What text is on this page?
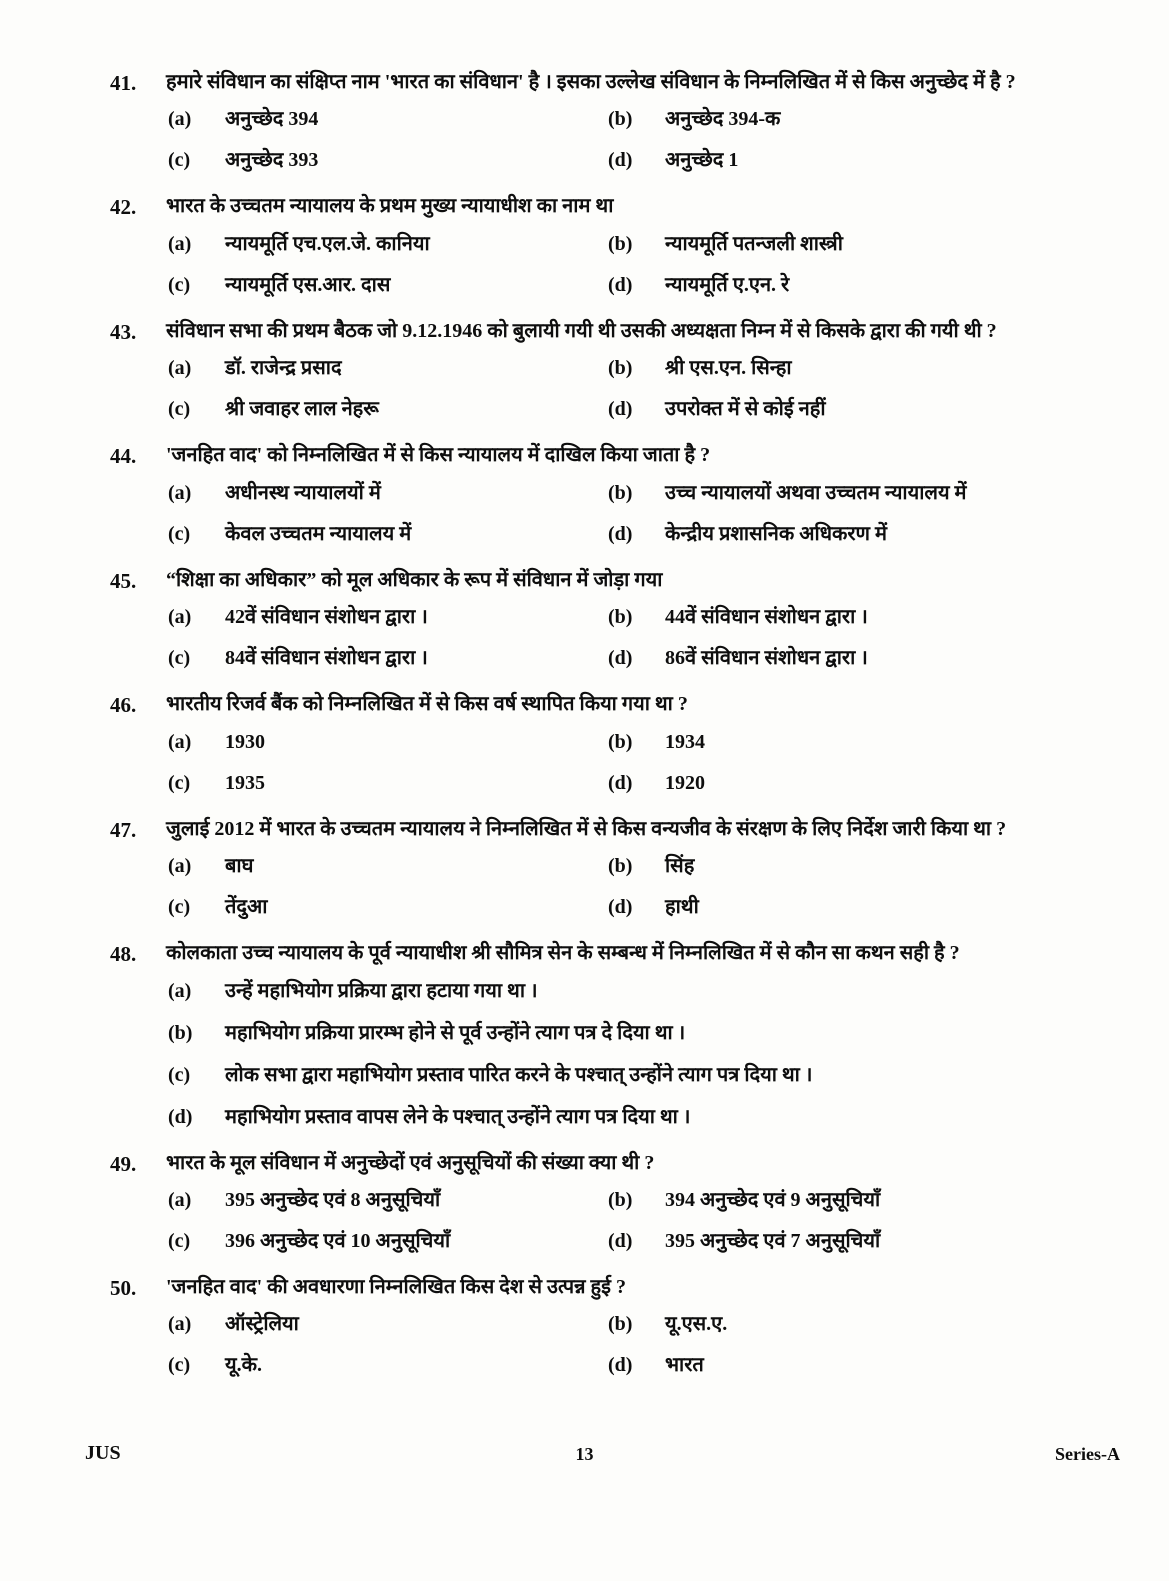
41.	हमारे संविधान का संक्षिप्त नाम 'भारत का संविधान' है । इसका उल्लेख संविधान के निम्नलिखित में से किस अनुच्छेद में है ?
(a)	अनुच्छेद 394	(b)	अनुच्छेद 394-क
(c)	अनुच्छेद 393	(d)	अनुच्छेद 1
42.	भारत के उच्चतम न्यायालय के प्रथम मुख्य न्यायाधीश का नाम था
(a)	न्यायमूर्ति एच.एल.जे. कानिया	(b)	न्यायमूर्ति पतन्जली शास्त्री
(c)	न्यायमूर्ति एस.आर. दास	(d)	न्यायमूर्ति ए.एन. रे
43.	संविधान सभा की प्रथम बैठक जो 9.12.1946 को बुलायी गयी थी उसकी अध्यक्षता निम्न में से किसके द्वारा की गयी थी ?
(a)	डॉ. राजेन्द्र प्रसाद	(b)	श्री एस.एन. सिन्हा
(c)	श्री जवाहर लाल नेहरू	(d)	उपरोक्त में से कोई नहीं
44.	'जनहित वाद' को निम्नलिखित में से किस न्यायालय में दाखिल किया जाता है ?
(a)	अधीनस्थ न्यायालयों में	(b)	उच्च न्यायालयों अथवा उच्चतम न्यायालय में
(c)	केवल उच्चतम न्यायालय में	(d)	केन्द्रीय प्रशासनिक अधिकरण में
45.	“शिक्षा का अधिकार” को मूल अधिकार के रूप में संविधान में जोड़ा गया
(a)	42वें संविधान संशोधन द्वारा ।	(b)	44वें संविधान संशोधन द्वारा ।
(c)	84वें संविधान संशोधन द्वारा ।	(d)	86वें संविधान संशोधन द्वारा ।
46.	भारतीय रिजर्व बैंक को निम्नलिखित में से किस वर्ष स्थापित किया गया था ?
(a)	1930	(b)	1934
(c)	1935	(d)	1920
47.	जुलाई 2012 में भारत के उच्चतम न्यायालय ने निम्नलिखित में से किस वन्यजीव के संरक्षण के लिए निर्देश जारी किया था ?
(a)	बाघ	(b)	सिंह
(c)	तेंदुआ	(d)	हाथी
48.	कोलकाता उच्च न्यायालय के पूर्व न्यायाधीश श्री सौमित्र सेन के सम्बन्ध में निम्नलिखित में से कौन सा कथन सही है ?
(a)	उन्हें महाभियोग प्रक्रिया द्वारा हटाया गया था ।
(b)	महाभियोग प्रक्रिया प्रारम्भ होने से पूर्व उन्होंने त्याग पत्र दे दिया था ।
(c)	लोक सभा द्वारा महाभियोग प्रस्ताव पारित करने के पश्चात् उन्होंने त्याग पत्र दिया था ।
(d)	महाभियोग प्रस्ताव वापस लेने के पश्चात् उन्होंने त्याग पत्र दिया था ।
49.	भारत के मूल संविधान में अनुच्छेदों एवं अनुसूचियों की संख्या क्या थी ?
(a)	395 अनुच्छेद एवं 8 अनुसूचियाँ	(b)	394 अनुच्छेद एवं 9 अनुसूचियाँ
(c)	396 अनुच्छेद एवं 10 अनुसूचियाँ	(d)	395 अनुच्छेद एवं 7 अनुसूचियाँ
50.	'जनहित वाद' की अवधारणा निम्नलिखित किस देश से उत्पन्न हुई ?
(a)	ऑस्ट्रेलिया	(b)	यू.एस.ए.
(c)	यू.के.	(d)	भारत
JUS	13	Series-A
